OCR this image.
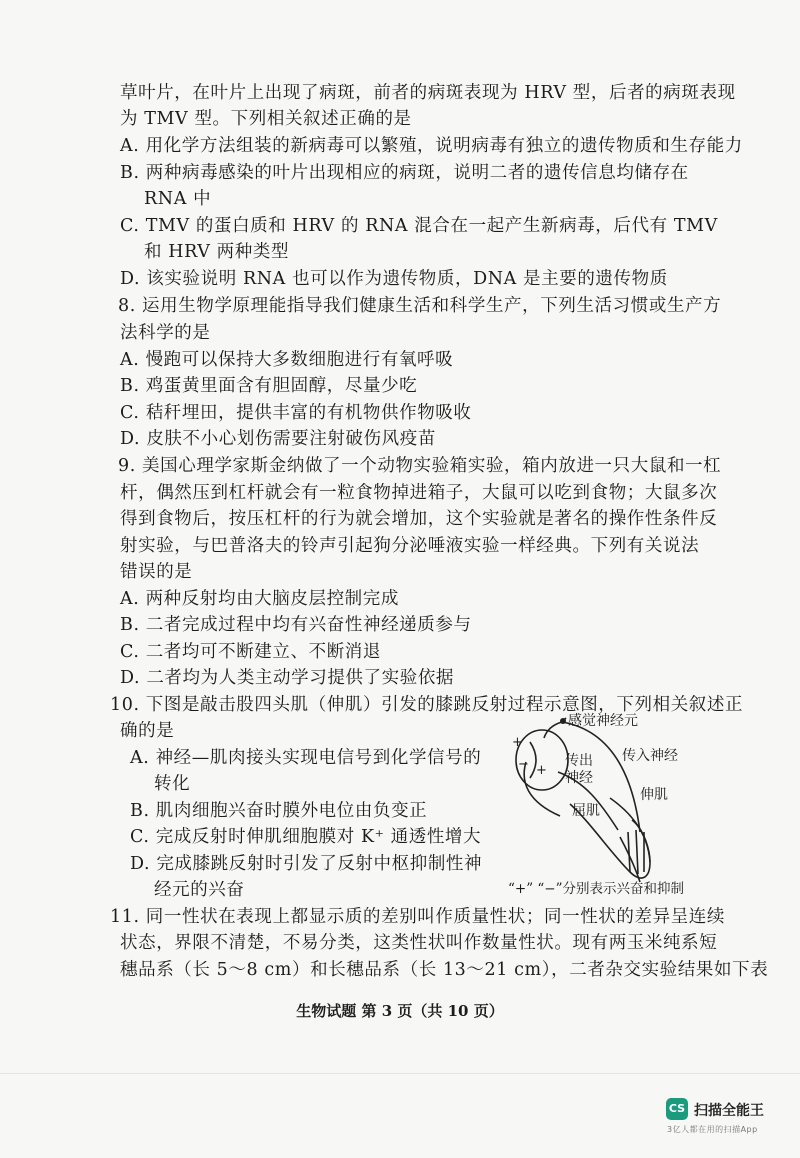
草叶片，在叶片上出现了病斑，前者的病斑表现为 HRV 型，后者的病斑表现
为 TMV 型。下列相关叙述正确的是
A. 用化学方法组装的新病毒可以繁殖，说明病毒有独立的遗传物质和生存能力
B. 两种病毒感染的叶片出现相应的病斑，说明二者的遗传信息均储存在
RNA 中
C. TMV 的蛋白质和 HRV 的 RNA 混合在一起产生新病毒，后代有 TMV
和 HRV 两种类型
D. 该实验说明 RNA 也可以作为遗传物质，DNA 是主要的遗传物质
8. 运用生物学原理能指导我们健康生活和科学生产，下列生活习惯或生产方
法科学的是
A. 慢跑可以保持大多数细胞进行有氧呼吸
B. 鸡蛋黄里面含有胆固醇，尽量少吃
C. 秸秆埋田，提供丰富的有机物供作物吸收
D. 皮肤不小心划伤需要注射破伤风疫苗
9. 美国心理学家斯金纳做了一个动物实验箱实验，箱内放进一只大鼠和一杠
杆，偶然压到杠杆就会有一粒食物掉进箱子，大鼠可以吃到食物；大鼠多次
得到食物后，按压杠杆的行为就会增加，这个实验就是著名的操作性条件反
射实验，与巴普洛夫的铃声引起狗分泌唾液实验一样经典。下列有关说法
错误的是
A. 两种反射均由大脑皮层控制完成
B. 二者完成过程中均有兴奋性神经递质参与
C. 二者均可不断建立、不断消退
D. 二者均为人类主动学习提供了实验依据
10. 下图是敲击股四头肌（伸肌）引发的膝跳反射过程示意图，下列相关叙述正
确的是
A. 神经—肌肉接头实现电信号到化学信号的
转化
B. 肌肉细胞兴奋时膜外电位由负变正
C. 完成反射时伸肌细胞膜对 K⁺ 通透性增大
D. 完成膝跳反射时引发了反射中枢抑制性神
经元的兴奋
+
− +
感觉神经元
传入神经
传出
神经
屈肌
伸肌
“+” “−”分别表示兴奋和抑制
11. 同一性状在表现上都显示质的差别叫作质量性状；同一性状的差异呈连续
状态，界限不清楚，不易分类，这类性状叫作数量性状。现有两玉米纯系短
穗品系（长 5～8 cm）和长穗品系（长 13～21 cm），二者杂交实验结果如下表
生物试题 第 3 页（共 10 页）
CS 扫描全能王
3亿人都在用的扫描App
